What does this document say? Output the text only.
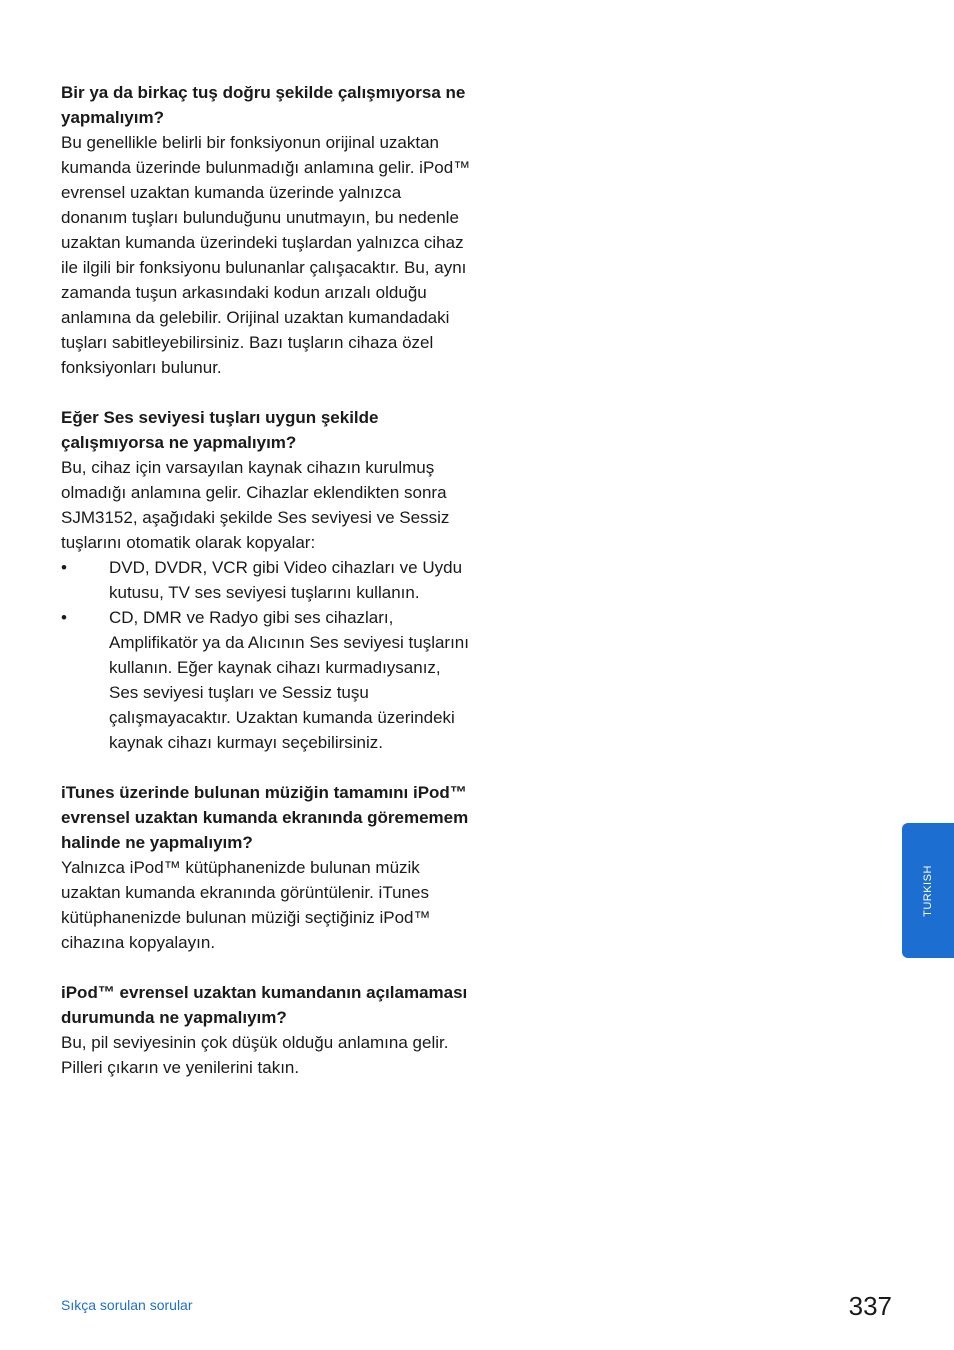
Bir ya da birkaç tuş doğru şekilde çalışmıyorsa ne yapmalıyım?

Bu genellikle belirli bir fonksiyonun orijinal uzaktan kumanda üzerinde bulunmadığı anlamına gelir. iPod™ evrensel uzaktan kumanda üzerinde yalnızca donanım tuşları bulunduğunu unutmayın, bu nedenle uzaktan kumanda üzerindeki tuşlardan yalnızca cihaz ile ilgili bir fonksiyonu bulunanlar çalışacaktır. Bu, aynı zamanda tuşun arkasındaki kodun arızalı olduğu anlamına da gelebilir. Orijinal uzaktan kumandadaki tuşları sabitleyebilirsiniz. Bazı tuşların cihaza özel fonksiyonları bulunur.

Eğer Ses seviyesi tuşları uygun şekilde çalışmıyorsa ne yapmalıyım?

Bu, cihaz için varsayılan kaynak cihazın kurulmuş olmadığı anlamına gelir. Cihazlar eklendikten sonra SJM3152, aşağıdaki şekilde Ses seviyesi ve Sessiz tuşlarını otomatik olarak kopyalar:

• DVD, DVDR, VCR gibi Video cihazları ve Uydu kutusu, TV ses seviyesi tuşlarını kullanın.
• CD, DMR ve Radyo gibi ses cihazları, Amplifikatör ya da Alıcının Ses seviyesi tuşlarını kullanın. Eğer kaynak cihazı kurmadıysanız, Ses seviyesi tuşları ve Sessiz tuşu çalışmayacaktır. Uzaktan kumanda üzerindeki kaynak cihazı kurmayı seçebilirsiniz.

iTunes üzerinde bulunan müziğin tamamını iPod™ evrensel uzaktan kumanda ekranında görememem halinde ne yapmalıyım?

Yalnızca iPod™ kütüphanenizde bulunan müzik uzaktan kumanda ekranında görüntülenir. iTunes kütüphanenizde bulunan müziği seçtiğiniz iPod™ cihazına kopyalayın.

iPod™ evrensel uzaktan kumandanın açılamaması durumunda ne yapmalıyım?

Bu, pil seviyesinin çok düşük olduğu anlamına gelir. Pilleri çıkarın ve yenilerini takın.

TURKISH
Sıkça sorulan sorular	337
